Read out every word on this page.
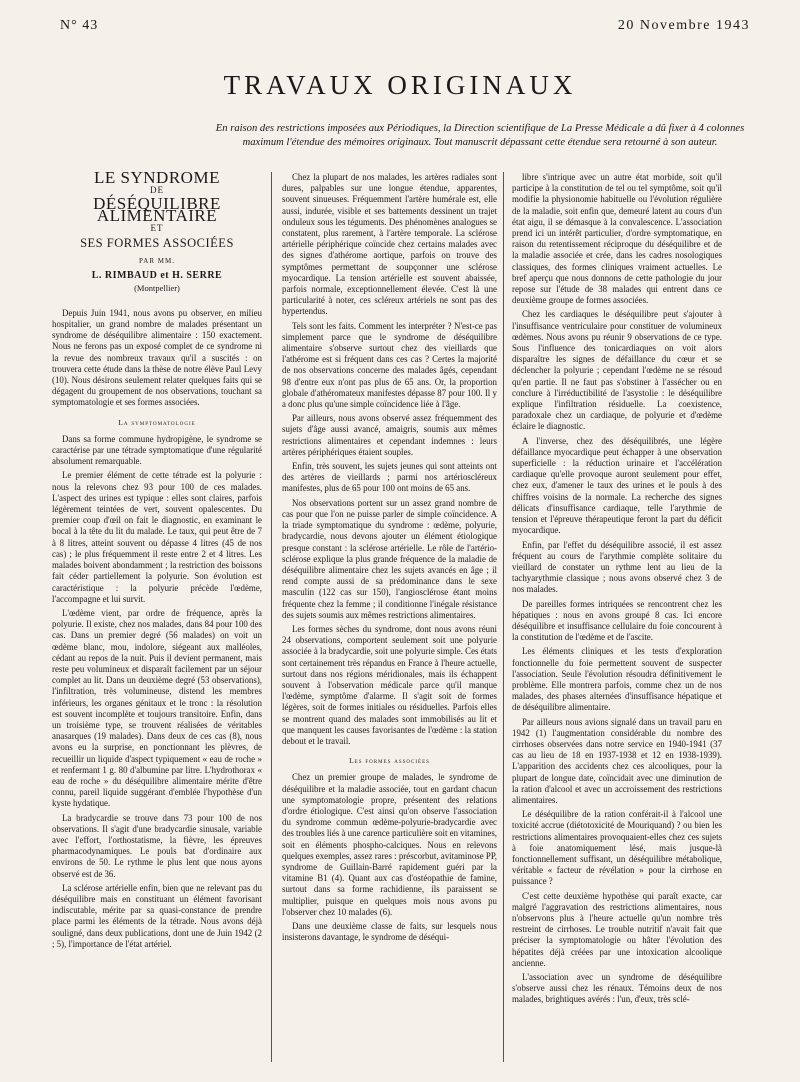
N° 43	20 Novembre 1943
TRAVAUX ORIGINAUX
En raison des restrictions imposées aux Périodiques, la Direction scientifique de La Presse Médicale a dû fixer à 4 colonnes maximum l'étendue des mémoires originaux. Tout manuscrit dépassant cette étendue sera retourné à son auteur.
LE SYNDROME
DE
DÉSÉQUILIBRE ALIMENTAIRE
ET
SES FORMES ASSOCIÉES
PAR MM.
L. RIMBAUD et H. SERRE
(Montpellier)

Depuis Juin 1941, nous avons pu observer, en milieu hospitalier, un grand nombre de malades présentant un syndrome de déséquilibre alimentaire : 150 exactement. Nous ne ferons pas un exposé complet de ce syndrome ni la revue des nombreux travaux qu'il a suscités : on trouvera cette étude dans la thèse de notre élève Paul Levy (10). Nous désirons seulement relater quelques faits qui se dégagent du groupement de nos observations, touchant sa symptomatologie et ses formes associées.

La symptomatologie

Dans sa forme commune hydropigène, le syndrome se caractérise par une tétrade symptomatique d'une régularité absolument remarquable.

Le premier élément de cette tétrade est la polyurie : nous la relevons chez 93 pour 100 de ces malades. L'aspect des urines est typique : elles sont claires, parfois légèrement teintées de vert, souvent opalescentes. Du premier coup d'œil on fait le diagnostic, en examinant le bocal à la tête du lit du malade. Le taux, qui peut être de 7 à 8 litres, atteint souvent ou dépasse 4 litres (45 de nos cas) ; le plus fréquemment il reste entre 2 et 4 litres. Les malades boivent abondamment ; la restriction des boissons fait céder partiellement la polyurie. Son évolution est caractéristique : la polyurie précède l'œdème, l'accompagne et lui survit.

L'œdème vient, par ordre de fréquence, après la polyurie. Il existe, chez nos malades, dans 84 pour 100 des cas. Dans un premier degré (56 malades) on voit un œdème blanc, mou, indolore, siégeant aux malléoles, cédant au repos de la nuit. Puis il devient permanent, mais reste peu volumineux et disparaît facilement par un séjour complet au lit. Dans un deuxième degré (53 observations), l'infiltration, très volumineuse, distend les membres inférieurs, les organes génitaux et le tronc : la résolution est souvent incomplète et toujours transitoire. Enfin, dans un troisième type, se trouvent réalisées de véritables anasarques (19 malades). Dans deux de ces cas (8), nous avons eu la surprise, en ponctionnant les plèvres, de recueillir un liquide d'aspect typiquement « eau de roche » et renfermant 1 g. 80 d'albumine par litre. L'hydrothorax « eau de roche » du déséquilibre alimentaire mérite d'être connu, pareil liquide suggérant d'emblée l'hypothèse d'un kyste hydatique.

La bradycardie se trouve dans 73 pour 100 de nos observations. Il s'agit d'une bradycardie sinusale, variable avec l'effort, l'orthostatisme, la fièvre, les épreuves pharmacodynamiques. Le pouls bat d'ordinaire aux environs de 50. Le rythme le plus lent que nous ayons observé est de 36.

La sclérose artérielle enfin, bien que ne relevant pas du déséquilibre mais en constituant un élément favorisant indiscutable, mérite par sa quasi-constance de prendre place parmi les éléments de la tétrade. Nous avons déjà souligné, dans deux publications, dont une de Juin 1942 (2 ; 5), l'importance de l'état artériel.

Chez la plupart de nos malades, les artères radiales sont dures, palpables sur une longue étendue, apparentes, souvent sinueuses. Fréquemment l'artère humérale est, elle aussi, indurée, visible et ses battements dessinent un trajet onduleux sous les téguments. Des phénomènes analogues se constatent, plus rarement, à l'artère temporale. La sclérose artérielle périphérique coïncide chez certains malades avec des signes d'athérome aortique, parfois on trouve des symptômes permettant de soupçonner une sclérose myocardique. La tension artérielle est souvent abaissée, parfois normale, exceptionnellement élevée. C'est là une particularité à noter, ces scléreux artériels ne sont pas des hypertendus.

Tels sont les faits. Comment les interpréter ? N'est-ce pas simplement parce que le syndrome de déséquilibre alimentaire s'observe surtout chez des vieillards que l'athérome est si fréquent dans ces cas ? Certes la majorité de nos observations concerne des malades âgés, cependant 98 d'entre eux n'ont pas plus de 65 ans. Or, la proportion globale d'athéromateux manifestes dépasse 87 pour 100. Il y a donc plus qu'une simple coïncidence liée à l'âge.

Par ailleurs, nous avons observé assez fréquemment des sujets d'âge aussi avancé, amaigris, soumis aux mêmes restrictions alimentaires et cependant indemnes : leurs artères périphériques étaient souples.

Enfin, très souvent, les sujets jeunes qui sont atteints ont des artères de vieillards ; parmi nos artérioscléreux manifestes, plus de 65 pour 100 ont moins de 65 ans.

Nos observations portent sur un assez grand nombre de cas pour que l'on ne puisse parler de simple coïncidence. A la triade symptomatique du syndrome : œdème, polyurie, bradycardie, nous devons ajouter un élément étiologique presque constant : la sclérose artérielle. Le rôle de l'artério-sclérose explique la plus grande fréquence de la maladie de déséquilibre alimentaire chez les sujets avancés en âge ; il rend compte aussi de sa prédominance dans le sexe masculin (122 cas sur 150), l'angiosclérose étant moins fréquente chez la femme ; il conditionne l'inégale résistance des sujets soumis aux mêmes restrictions alimentaires.

Les formes sèches du syndrome, dont nous avons réuni 24 observations, comportent seulement soit une polyurie associée à la bradycardie, soit une polyurie simple. Ces états sont certainement très répandus en France à l'heure actuelle, surtout dans nos régions méridionales, mais ils échappent souvent à l'observation médicale parce qu'il manque l'œdème, symptôme d'alarme. Il s'agit soit de formes légères, soit de formes initiales ou résiduelles. Parfois elles se montrent quand des malades sont immobilisés au lit et que manquent les causes favorisantes de l'œdème : la station debout et le travail.

Les formes associées

Chez un premier groupe de malades, le syndrome de déséquilibre et la maladie associée, tout en gardant chacun une symptomatologie propre, présentent des relations d'ordre étiologique. C'est ainsi qu'on observe l'association du syndrome commun œdème-polyurie-bradycardie avec des troubles liés à une carence particulière soit en vitamines, soit en éléments phospho-calciques. Nous en relevons quelques exemples, assez rares : préscorbut, avitaminose PP, syndrome de Guillain-Barré rapidement guéri par la vitamine B1 (4). Quant aux cas d'ostéopathie de famine, surtout dans sa forme rachidienne, ils paraissent se multiplier, puisque en quelques mois nous avons pu l'observer chez 10 malades (6).

Dans une deuxième classe de faits, sur lesquels nous insisterons davantage, le syndrome de déséqui-

libre s'intrique avec un autre état morbide, soit qu'il participe à la constitution de tel ou tel symptôme, soit qu'il modifie la physionomie habituelle ou l'évolution régulière de la maladie, soit enfin que, demeuré latent au cours d'un état aigu, il se démasque à la convalescence. L'association prend ici un intérêt particulier, d'ordre symptomatique, en raison du retentissement réciproque du déséquilibre et de la maladie associée et crée, dans les cadres nosologiques classiques, des formes cliniques vraiment actuelles. Le bref aperçu que nous donnons de cette pathologie du jour repose sur l'étude de 38 malades qui entrent dans ce deuxième groupe de formes associées.

Chez les cardiaques le déséquilibre peut s'ajouter à l'insuffisance ventriculaire pour constituer de volumineux œdèmes. Nous avons pu réunir 9 observations de ce type. Sous l'influence des tonicardiaques on voit alors disparaître les signes de défaillance du cœur et se déclencher la polyurie ; cependant l'œdème ne se résoud qu'en partie. Il ne faut pas s'obstiner à l'assécher ou en conclure à l'irréductibilité de l'asystolie : le déséquilibre explique l'infiltration résiduelle. La coexistence, paradoxale chez un cardiaque, de polyurie et d'œdème éclaire le diagnostic.

A l'inverse, chez des déséquilibrés, une légère défaillance myocardique peut échapper à une observation superficielle : la réduction urinaire et l'accélération cardiaque qu'elle provoque auront seulement pour effet, chez eux, d'amener le taux des urines et le pouls à des chiffres voisins de la normale. La recherche des signes délicats d'insuffisance cardiaque, telle l'arythmie de tension et l'épreuve thérapeutique feront la part du déficit myocardique.

Enfin, par l'effet du déséquilibre associé, il est assez fréquent au cours de l'arythmie complète solitaire du vieillard de constater un rythme lent au lieu de la tachyarythmie classique ; nous avons observé chez 3 de nos malades.

De pareilles formes intriquées se rencontrent chez les hépatiques : nous en avons groupé 8 cas. Ici encore déséquilibre et insuffisance cellulaire du foie concourent à la constitution de l'œdème et de l'ascite.

Les éléments cliniques et les tests d'exploration fonctionnelle du foie permettent souvent de suspecter l'association. Seule l'évolution résoudra définitivement le problème. Elle montrera parfois, comme chez un de nos malades, des phases alternées d'insuffisance hépatique et de déséquilibre alimentaire.

Par ailleurs nous avions signalé dans un travail paru en 1942 (1) l'augmentation considérable du nombre des cirrhoses observées dans notre service en 1940-1941 (37 cas au lieu de 18 en 1937-1938 et 12 en 1938-1939). L'apparition des accidents chez ces alcooliques, pour la plupart de longue date, coïncidait avec une diminution de la ration d'alcool et avec un accroissement des restrictions alimentaires.

Le déséquilibre de la ration conférait-il à l'alcool une toxicité accrue (diétotoxicité de Mouriquand) ? ou bien les restrictions alimentaires provoquaient-elles chez ces sujets à foie anatomiquement lésé, mais jusque-là fonctionnellement suffisant, un déséquilibre métabolique, véritable « facteur de révélation » pour la cirrhose en puissance ?

C'est cette deuxième hypothèse qui paraît exacte, car malgré l'aggravation des restrictions alimentaires, nous n'observons plus à l'heure actuelle qu'un nombre très restreint de cirrhoses. Le trouble nutritif n'avait fait que préciser la symptomatologie ou hâter l'évolution des hépatites déjà créées par une intoxication alcoolique ancienne.

L'association avec un syndrome de déséquilibre s'observe aussi chez les rénaux. Témoins deux de nos malades, brightiques avérés : l'un, d'eux, très sclé-
